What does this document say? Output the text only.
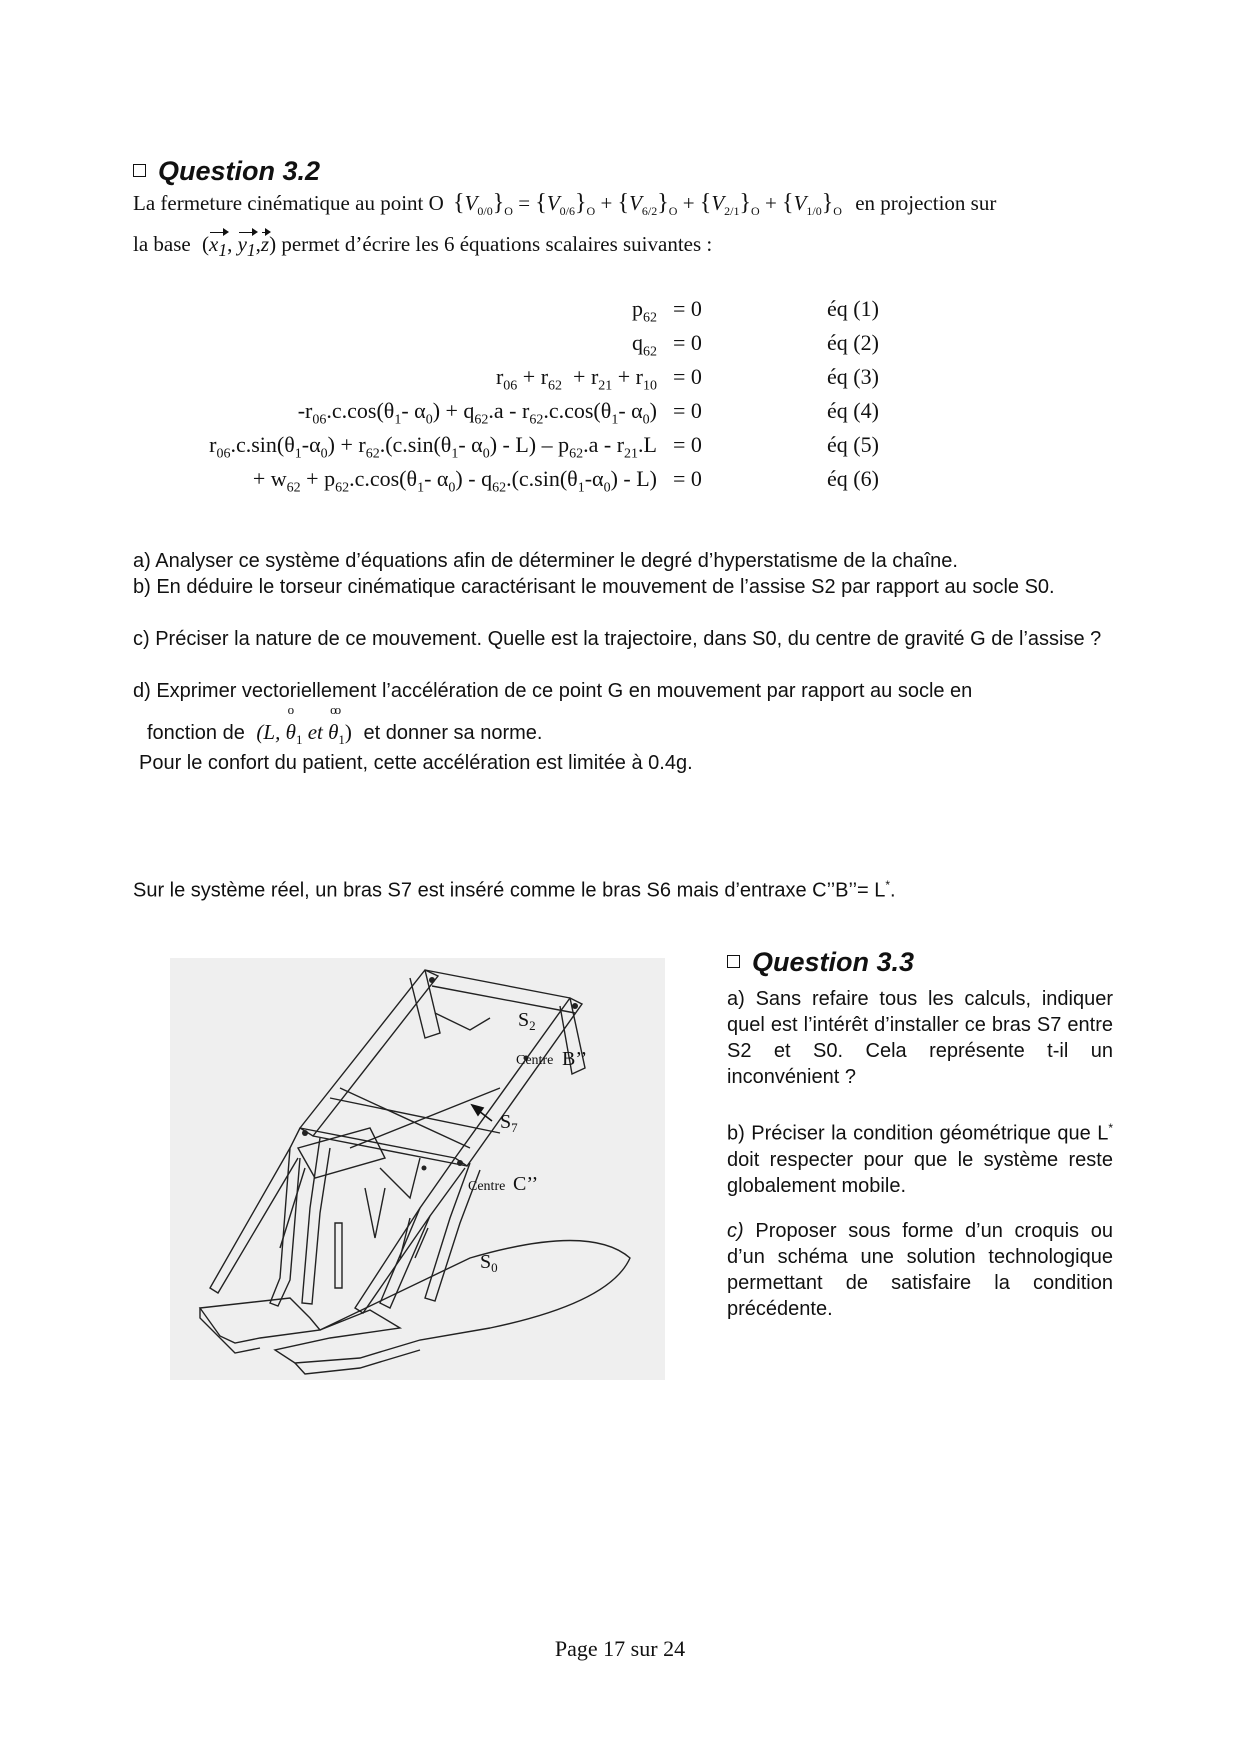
Question 3.2
La fermeture cinématique au point O $\{V_{0/0}\}_O = \{V_{0/6}\}_O + \{V_{6/2}\}_O + \{V_{2/1}\}_O + \{V_{1/0}\}_O$ en projection sur
la base ($x_1$, $y_1,z$) permet d’écrire les 6 équations scalaires suivantes :
$p_{62} = 0$	éq (1)
$q_{62} = 0$	éq (2)
$r_{06} + r_{62} + r_{21} + r_{10} = 0$	éq (3)
$-r_{06}.c.\cos(\theta_1-$ $\alpha_0) + q_{62}.a - r_{62}.c.\cos(\theta_1-$ $\alpha_0) = 0$	éq (4)
$r_{06}.c.\sin(\theta_1-\alpha_0) + r_{62}.(c.\sin(\theta_1-$ $\alpha_0) - L) - p_{62}.a - r_{21}.L = 0$	éq (5)
+ $w_{62} + p_{62}.c.\cos(\theta_1-$ $\alpha_0) - q_{62}.(c.\sin(\theta_1-\alpha_0) - L) = 0$	éq (6)
a) Analyser ce système d’équations afin de déterminer le degré d’hyperstatisme de la chaîne.
b) En déduire le torseur cinématique caractérisant le mouvement de l’assise S2 par rapport au socle S0.
c) Préciser la nature de ce mouvement. Quelle est la trajectoire, dans S0, du centre de gravité G de l’assise ?
d) Exprimer vectoriellement l’accélération de ce point G en mouvement par rapport au socle en
fonction de (L, o $\theta_1$ et oo $\theta_1$) et donner sa norme.
Pour le confort du patient, cette accélération est limitée à 0.4g.
Sur le système réel, un bras S7 est inséré comme le bras S6 mais d’entraxe C’’B’’= L*.
$S_2$
Centre B’’
$S_7$
Centre C’’
$S_0$
Question 3.3
a) Sans refaire tous les calculs, indiquer quel est l’intérêt d’installer ce bras S7 entre S2 et S0. Cela représente t-il un inconvénient ?
b) Préciser la condition géométrique que L* doit respecter pour que le système reste globalement mobile.
c) Proposer sous forme d’un croquis ou d’un schéma une solution technologique permettant de satisfaire la condition précédente.
Page 17 sur 24
